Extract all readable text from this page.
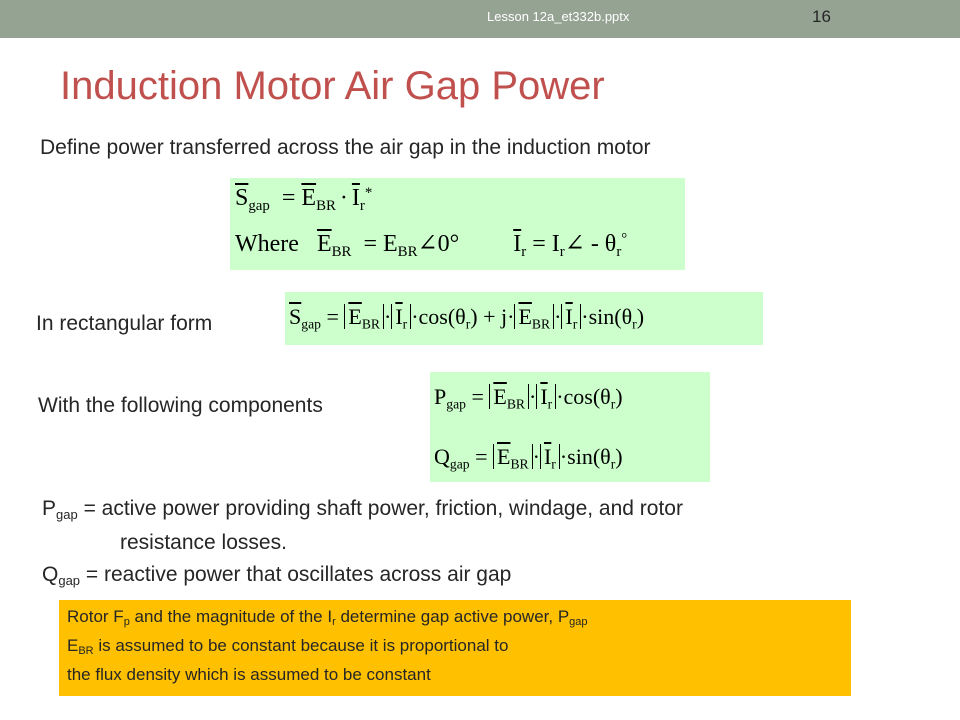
Lesson 12a_et332b.pptx	16
Induction Motor Air Gap Power
Define power transferred across the air gap in the induction motor
$\overline{S}gap = \overline{E}BR \cdot \overline{I}r^*$
Where   $\overline{E}BR$  = EBR∠0°         $\overline{I}r$ = Ir∠ - θr°
In rectangular form	$\overline{S}gap = \overline{E}BR \cdot \overline{I}r \cdot\cos(\theta r) + j\cdot \overline{E}BR \cdot \overline{I}r \cdot\sin(\theta r)$
With the following components	Pgap = $\overline{E}BR \cdot \overline{I}r \cdot\cos(\theta r)$
Qgap = $\overline{E}BR \cdot \overline{I}r \cdot\sin(\theta r)$
$P_{gap}$ = active power providing shaft power, friction, windage, and rotor
resistance losses.
$Q_{gap}$ = reactive power that oscillates across air gap
Rotor Fp and the magnitude of the Ir determine gap active power, Pgap
EBR is assumed to be constant because it is proportional to
the flux density which is assumed to be constant
